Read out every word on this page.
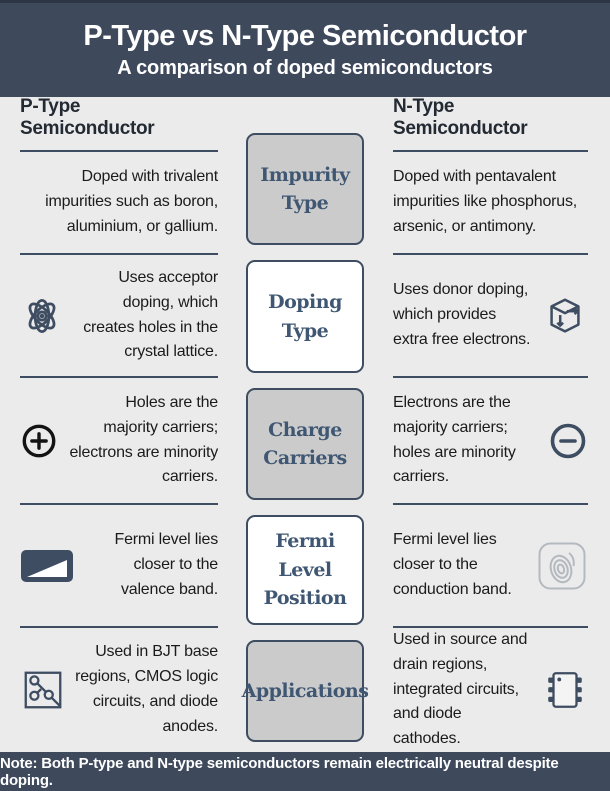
P-Type vs N-Type Semiconductor
A comparison of doped semiconductors
P-Type Semiconductor

Doped with trivalent impurities such as boron, aluminium, or gallium.

Uses acceptor doping, which creates holes in the crystal lattice.

Holes are the majority carriers; electrons are minority carriers.

Fermi level lies closer to the valence band.

Used in BJT base regions, CMOS logic circuits, and diode anodes.

Impurity Type
Doping Type
Charge Carriers
Fermi Level Position
Applications
N-Type Semiconductor

Doped with pentavalent impurities like phosphorus, arsenic, or antimony.

Uses donor doping, which provides extra free electrons.

Electrons are the majority carriers; holes are minority carriers.

Fermi level lies closer to the conduction band.

Used in source and drain regions, integrated circuits, and diode cathodes.

Note: Both P-type and N-type semiconductors remain electrically neutral despite doping.
